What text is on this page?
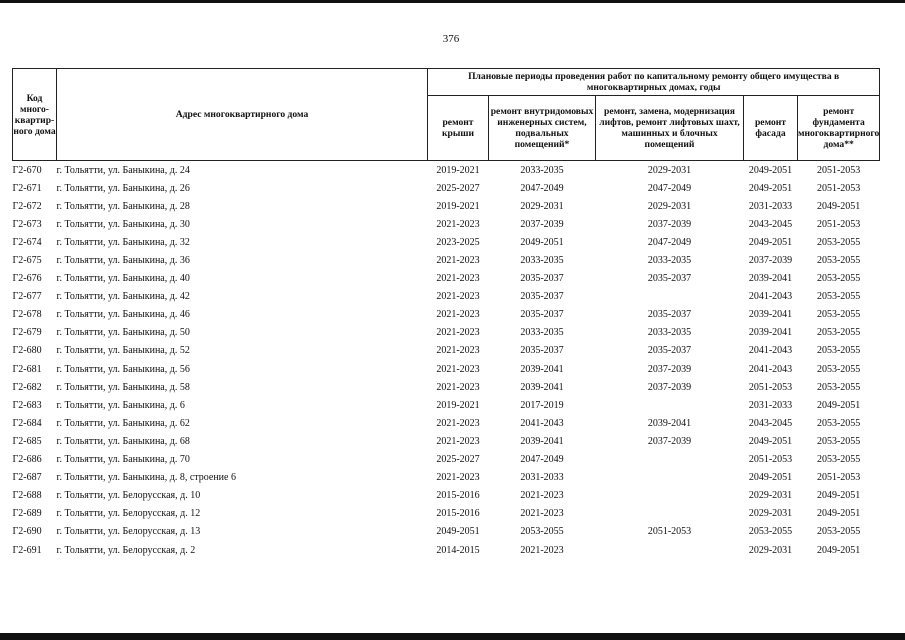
376
Код много-квартир-ного дома	Адрес многоквартирного дома	Плановые периоды проведения работ по капитальному ремонту общего имущества в многоквартирных домах, годы				
		ремонт крыши	ремонт внутридомовых инженерных систем, подвальных помещений*	ремонт, замена, модернизация лифтов, ремонт лифтовых шахт, машинных и блочных помещений	ремонт фасада	ремонт фундамента многоквартирного дома**
Г2-670	г. Тольятти, ул. Баныкина, д. 24	2019-2021	2033-2035	2029-2031	2049-2051	2051-2053
Г2-671	г. Тольятти, ул. Баныкина, д. 26	2025-2027	2047-2049	2047-2049	2049-2051	2051-2053
Г2-672	г. Тольятти, ул. Баныкина, д. 28	2019-2021	2029-2031	2029-2031	2031-2033	2049-2051
Г2-673	г. Тольятти, ул. Баныкина, д. 30	2021-2023	2037-2039	2037-2039	2043-2045	2051-2053
Г2-674	г. Тольятти, ул. Баныкина, д. 32	2023-2025	2049-2051	2047-2049	2049-2051	2053-2055
Г2-675	г. Тольятти, ул. Баныкина, д. 36	2021-2023	2033-2035	2033-2035	2037-2039	2053-2055
Г2-676	г. Тольятти, ул. Баныкина, д. 40	2021-2023	2035-2037	2035-2037	2039-2041	2053-2055
Г2-677	г. Тольятти, ул. Баныкина, д. 42	2021-2023	2035-2037		2041-2043	2053-2055
Г2-678	г. Тольятти, ул. Баныкина, д. 46	2021-2023	2035-2037	2035-2037	2039-2041	2053-2055
Г2-679	г. Тольятти, ул. Баныкина, д. 50	2021-2023	2033-2035	2033-2035	2039-2041	2053-2055
Г2-680	г. Тольятти, ул. Баныкина, д. 52	2021-2023	2035-2037	2035-2037	2041-2043	2053-2055
Г2-681	г. Тольятти, ул. Баныкина, д. 56	2021-2023	2039-2041	2037-2039	2041-2043	2053-2055
Г2-682	г. Тольятти, ул. Баныкина, д. 58	2021-2023	2039-2041	2037-2039	2051-2053	2053-2055
Г2-683	г. Тольятти, ул. Баныкина, д. 6	2019-2021	2017-2019		2031-2033	2049-2051
Г2-684	г. Тольятти, ул. Баныкина, д. 62	2021-2023	2041-2043	2039-2041	2043-2045	2053-2055
Г2-685	г. Тольятти, ул. Баныкина, д. 68	2021-2023	2039-2041	2037-2039	2049-2051	2053-2055
Г2-686	г. Тольятти, ул. Баныкина, д. 70	2025-2027	2047-2049		2051-2053	2053-2055
Г2-687	г. Тольятти, ул. Баныкина, д. 8, строение 6	2021-2023	2031-2033		2049-2051	2051-2053
Г2-688	г. Тольятти, ул. Белорусская, д. 10	2015-2016	2021-2023		2029-2031	2049-2051
Г2-689	г. Тольятти, ул. Белорусская, д. 12	2015-2016	2021-2023		2029-2031	2049-2051
Г2-690	г. Тольятти, ул. Белорусская, д. 13	2049-2051	2053-2055	2051-2053	2053-2055	2053-2055
Г2-691	г. Тольятти, ул. Белорусская, д. 2	2014-2015	2021-2023		2029-2031	2049-2051
